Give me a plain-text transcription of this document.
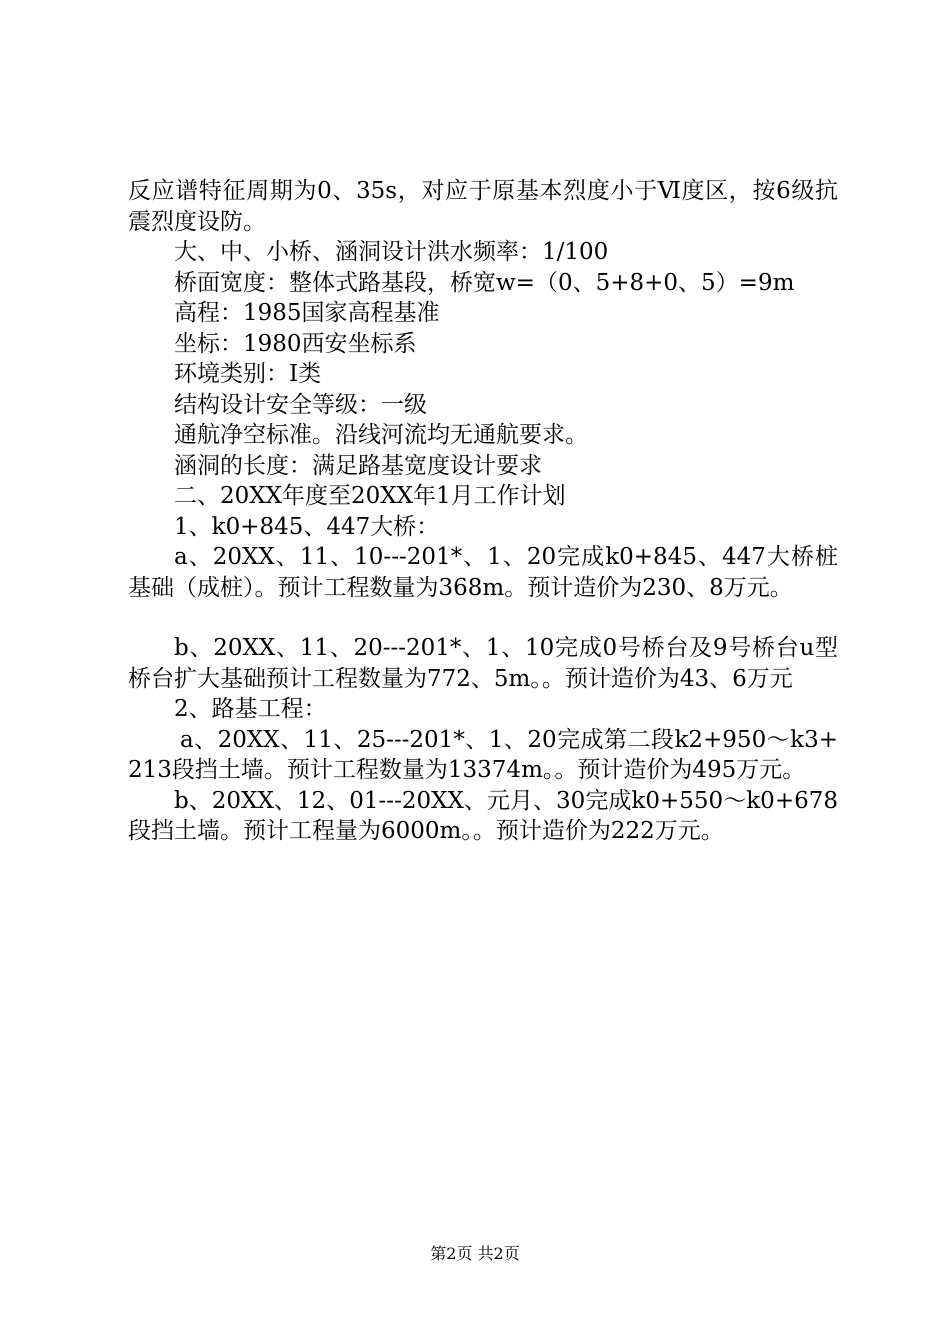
反应谱特征周期为0、35s，对应于原基本烈度小于Ⅵ度区，按6级抗震烈度设防。

大、中、小桥、涵洞设计洪水频率：1/100

桥面宽度：整体式路基段，桥宽w=（0、5+8+0、5）=9m

高程：1985国家高程基准

坐标：1980西安坐标系

环境类别：Ⅰ类

结构设计安全等级：一级

通航净空标准。沿线河流均无通航要求。

涵洞的长度：满足路基宽度设计要求

二、20XX年度至20XX年1月工作计划

1、k0+845、447大桥：

a、20XX、11、10---201*、1、20完成k0+845、447大桥桩基础（成桩）。预计工程数量为368m。预计造价为230、8万元。

b、20XX、11、20---201*、1、10完成0号桥台及9号桥台u型桥台扩大基础预计工程数量为772、5m。。预计造价为43、6万元

2、路基工程：

a、20XX、11、25---201*、1、20完成第二段k2+950～k3+213段挡土墙。预计工程数量为13374m。。预计造价为495万元。

b、20XX、12、01---20XX、元月、30完成k0+550～k0+678段挡土墙。预计工程量为6000m。。预计造价为222万元。

第2页 共2页
